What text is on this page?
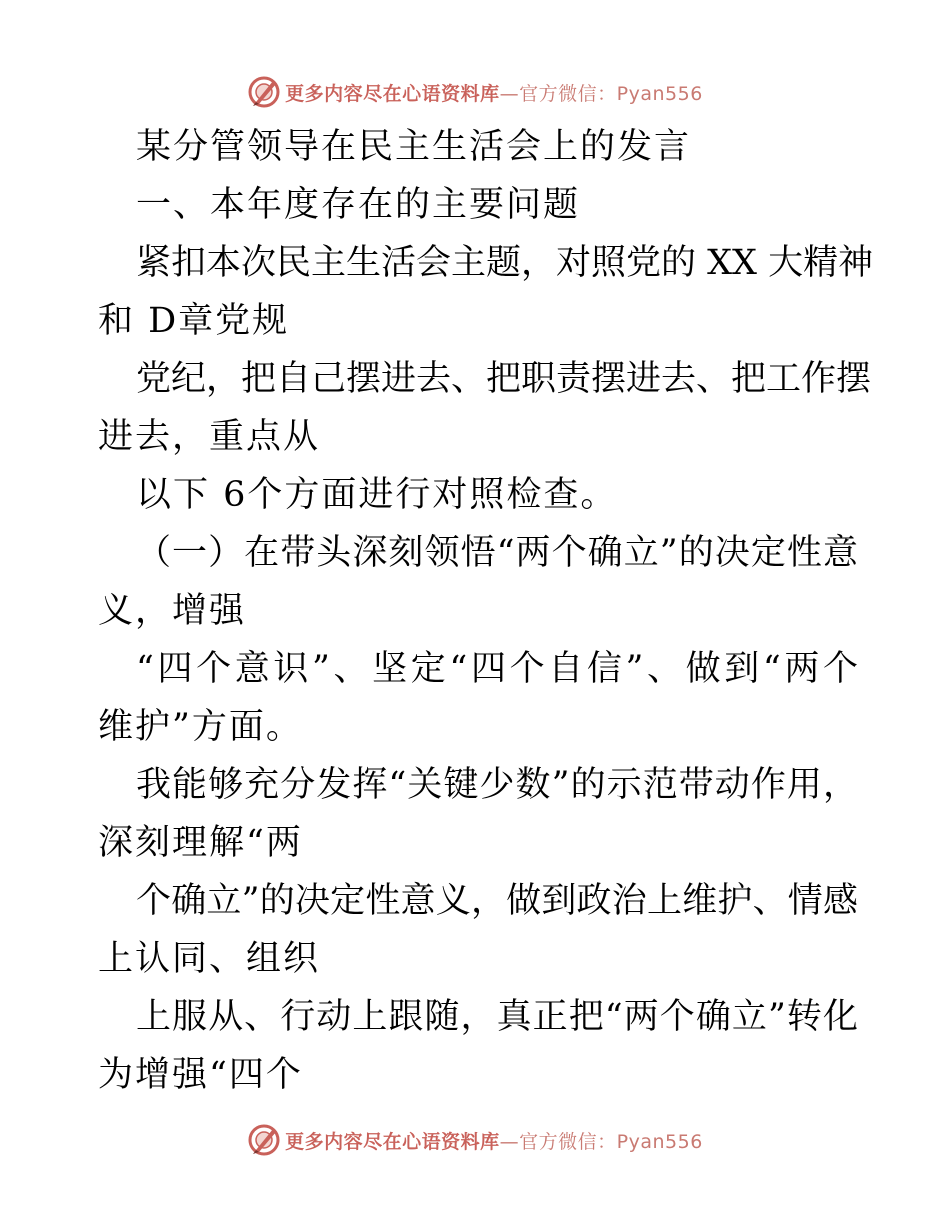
更多内容尽在心语资料库—官方微信：Pyan556
某分管领导在民主生活会上的发言
一、本年度存在的主要问题
紧扣本次民主生活会主题，对照党的 XX 大精神
和 D章党规
党纪，把自己摆进去、把职责摆进去、把工作摆
进去，重点从
以下 6个方面进行对照检查。
（一）在带头深刻领悟“两个确立”的决定性意
义，增强
“四个意识”、坚定“四个自信”、做到“两个
维护”方面。
我能够充分发挥“关键少数”的示范带动作用，
深刻理解“两
个确立”的决定性意义，做到政治上维护、情感
上认同、组织
上服从、行动上跟随，真正把“两个确立”转化
为增强“四个
更多内容尽在心语资料库—官方微信：Pyan556
